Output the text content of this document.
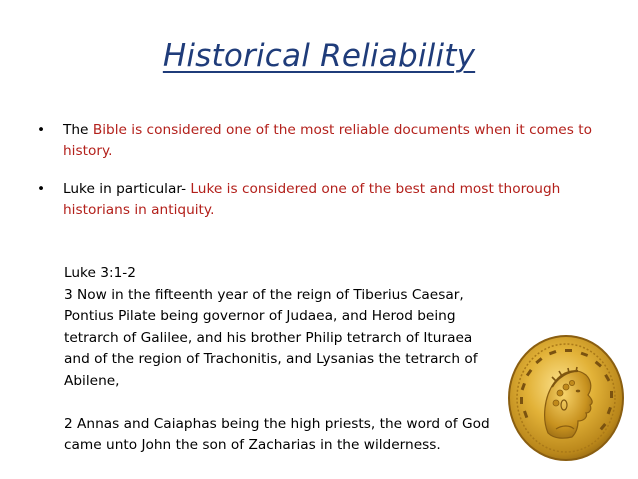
Historical Reliability
• The Bible is considered one of the most reliable documents when it comes to history.
• Luke in particular- Luke is considered one of the best and most thorough historians in antiquity.
Luke 3:1-2
3 Now in the fifteenth year of the reign of Tiberius Caesar,
Pontius Pilate being governor of Judaea, and Herod being
tetrarch of Galilee, and his brother Philip tetrarch of Ituraea
and of the region of Trachonitis, and Lysanias the tetrarch of
Abilene,
2 Annas and Caiaphas being the high priests, the word of God
came unto John the son of Zacharias in the wilderness.
